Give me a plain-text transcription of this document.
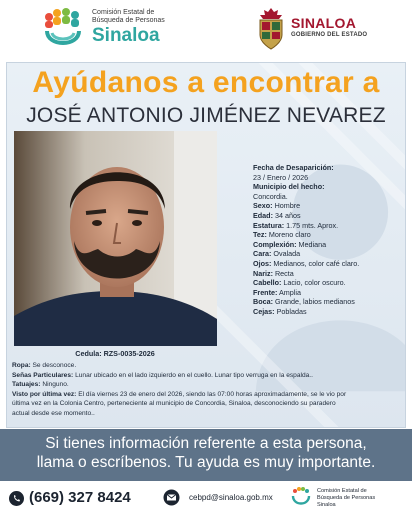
Comisión Estatal de
Búsqueda de Personas
Sinaloa
SINALOA
GOBIERNO DEL ESTADO
Ayúdanos a encontrar a
JOSÉ ANTONIO JIMÉNEZ NEVAREZ
Fecha de Desaparición:
23 / Enero / 2026
Municipio del hecho:
Concordia.
Sexo: Hombre
Edad: 34 años
Estatura: 1.75 mts. Aprox.
Tez: Moreno claro
Complexión: Mediana
Cara: Ovalada
Ojos: Medianos, color café claro.
Nariz: Recta
Cabello: Lacio, color oscuro.
Frente: Amplia
Boca: Grande, labios medianos
Cejas: Pobladas
Cedula: RZS-0035-2026
Ropa: Se desconoce.
Señas Particulares: Lunar ubicado en el lado izquierdo en el cuello. Lunar tipo verruga en la espalda..
Tatuajes: Ninguno.
Visto por última vez: El día viernes 23 de enero del 2026, siendo las 07:00 horas aproximadamente, se le vio por
última vez en la Colonia Centro, perteneciente al municipio de Concordia, Sinaloa, desconociendo su paradero
actual desde ese momento..
Si tienes información referente a esta persona,
llama o escríbenos. Tu ayuda es muy importante.
(669) 327 8424	cebpd@sinaloa.gob.mx
Comisión Estatal de
Búsqueda de Personas
Sinaloa
